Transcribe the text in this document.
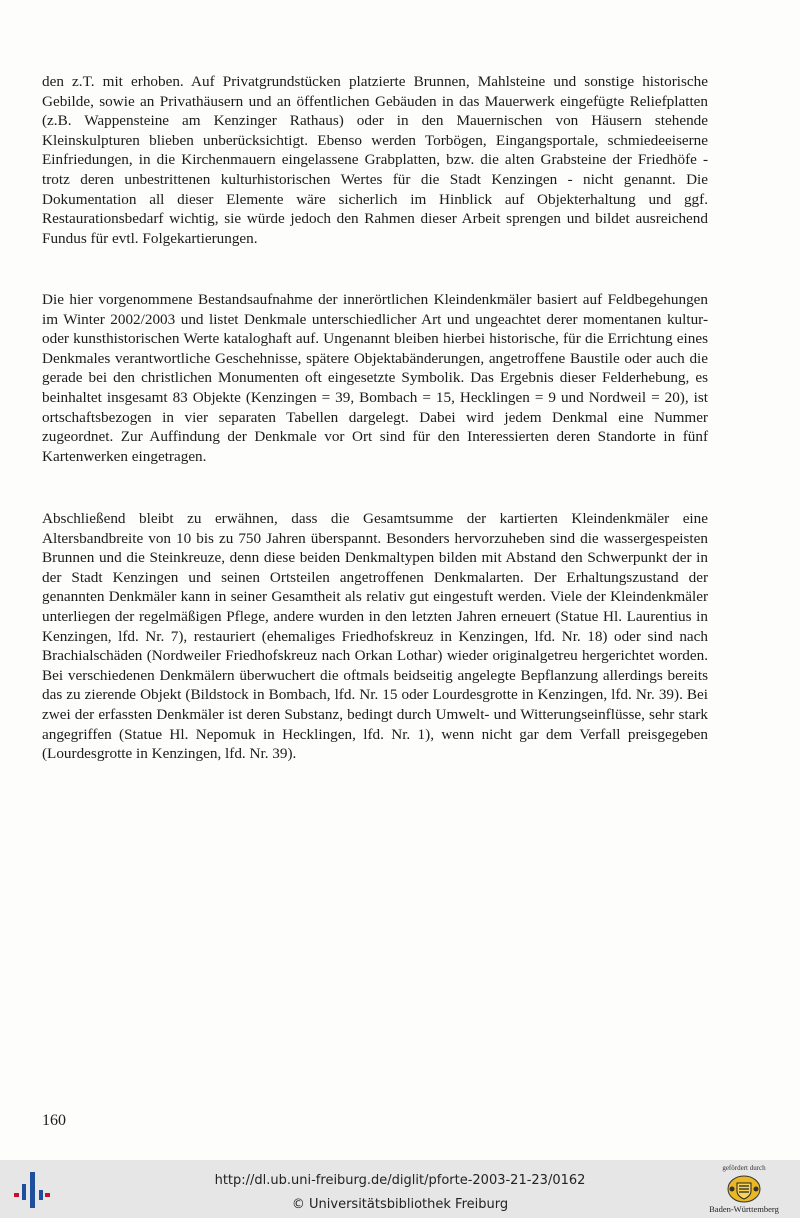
den z.T. mit erhoben. Auf Privatgrundstücken platzierte Brunnen, Mahlsteine und sonstige historische Gebilde, sowie an Privathäusern und an öffentlichen Gebäuden in das Mauerwerk eingefügte Reliefplatten (z.B. Wappensteine am Kenzinger Rathaus) oder in den Mauernischen von Häusern stehende Kleinskulpturen blieben unberücksichtigt. Ebenso werden Torbögen, Eingangsportale, schmiedeeiserne Einfriedungen, in die Kirchenmauern eingelassene Grabplatten, bzw. die alten Grabsteine der Friedhöfe - trotz deren unbestrittenen kulturhistorischen Wertes für die Stadt Kenzingen - nicht genannt. Die Dokumentation all dieser Elemente wäre sicherlich im Hinblick auf Objekterhaltung und ggf. Restaurationsbedarf wichtig, sie würde jedoch den Rahmen dieser Arbeit sprengen und bildet ausreichend Fundus für evtl. Folgekartierungen.

Die hier vorgenommene Bestandsaufnahme der innerörtlichen Kleindenkmäler basiert auf Feldbegehungen im Winter 2002/2003 und listet Denkmale unterschiedlicher Art und ungeachtet derer momentanen kultur- oder kunsthistorischen Werte kataloghaft auf. Ungenannt bleiben hierbei historische, für die Errichtung eines Denkmales verantwortliche Geschehnisse, spätere Objektabänderungen, angetroffene Baustile oder auch die gerade bei den christlichen Monumenten oft eingesetzte Symbolik. Das Ergebnis dieser Felderhebung, es beinhaltet insgesamt 83 Objekte (Kenzingen = 39, Bombach = 15, Hecklingen = 9 und Nordweil = 20), ist ortschaftsbezogen in vier separaten Tabellen dargelegt. Dabei wird jedem Denkmal eine Nummer zugeordnet. Zur Auffindung der Denkmale vor Ort sind für den Interessierten deren Standorte in fünf Kartenwerken eingetragen.

Abschließend bleibt zu erwähnen, dass die Gesamtsumme der kartierten Kleindenkmäler eine Altersbandbreite von 10 bis zu 750 Jahren überspannt. Besonders hervorzuheben sind die wassergespeisten Brunnen und die Steinkreuze, denn diese beiden Denkmaltypen bilden mit Abstand den Schwerpunkt der in der Stadt Kenzingen und seinen Ortsteilen angetroffenen Denkmalarten. Der Erhaltungszustand der genannten Denkmäler kann in seiner Gesamtheit als relativ gut eingestuft werden. Viele der Kleindenkmäler unterliegen der regelmäßigen Pflege, andere wurden in den letzten Jahren erneuert (Statue Hl. Laurentius in Kenzingen, lfd. Nr. 7), restauriert (ehemaliges Friedhofskreuz in Kenzingen, lfd. Nr. 18) oder sind nach Brachialschäden (Nordweiler Friedhofskreuz nach Orkan Lothar) wieder originalgetreu hergerichtet worden. Bei verschiedenen Denkmälern überwuchert die oftmals beidseitig angelegte Bepflanzung allerdings bereits das zu zierende Objekt (Bildstock in Bombach, lfd. Nr. 15 oder Lourdesgrotte in Kenzingen, lfd. Nr. 39). Bei zwei der erfassten Denkmäler ist deren Substanz, bedingt durch Umwelt- und Witterungseinflüsse, sehr stark angegriffen (Statue Hl. Nepomuk in Hecklingen, lfd. Nr. 1), wenn nicht gar dem Verfall preisgegeben (Lourdesgrotte in Kenzingen, lfd. Nr. 39).

160
http://dl.ub.uni-freiburg.de/diglit/pforte-2003-21-23/0162
© Universitätsbibliothek Freiburg
gefördert durch
Baden-Württemberg
